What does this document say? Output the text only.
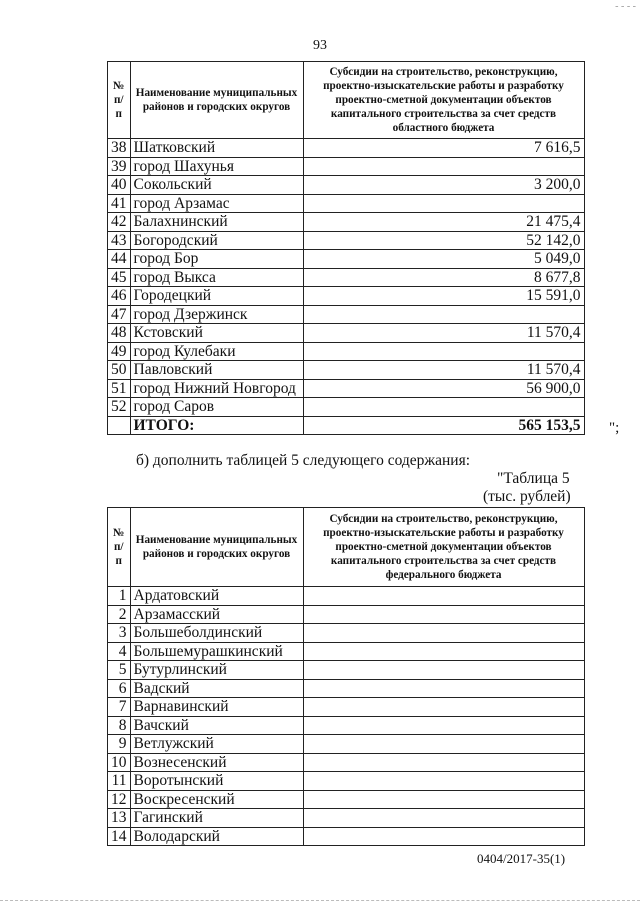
- - - -
93
№ п/п	Наименование муниципальных районов и городских округов	Субсидии на строительство, реконструкцию, проектно-изыскательские работы и разработку проектно-сметной документации объектов капитального строительства за счет средств областного бюджета
38	Шатковский	7 616,5
39	город Шахунья	
40	Сокольский	3 200,0
41	город Арзамас	
42	Балахнинский	21 475,4
43	Богородский	52 142,0
44	город Бор	5 049,0
45	город Выкса	8 677,8
46	Городецкий	15 591,0
47	город Дзержинск	
48	Кстовский	11 570,4
49	город Кулебаки	
50	Павловский	11 570,4
51	город Нижний Новгород	56 900,0
52	город Саров	
	ИТОГО:	565 153,5 ";
б) дополнить таблицей 5 следующего содержания:
"Таблица 5
(тыс. рублей)
№ п/п	Наименование муниципальных районов и городских округов	Субсидии на строительство, реконструкцию, проектно-изыскательские работы и разработку проектно-сметной документации объектов капитального строительства за счет средств федерального бюджета
1	Ардатовский	
2	Арзамасский	
3	Большеболдинский	
4	Большемурашкинский	
5	Бутурлинский	
6	Вадский	
7	Варнавинский	
8	Вачский	
9	Ветлужский	
10	Вознесенский	
11	Воротынский	
12	Воскресенский	
13	Гагинский	
14	Володарский	
0404/2017-35(1)
